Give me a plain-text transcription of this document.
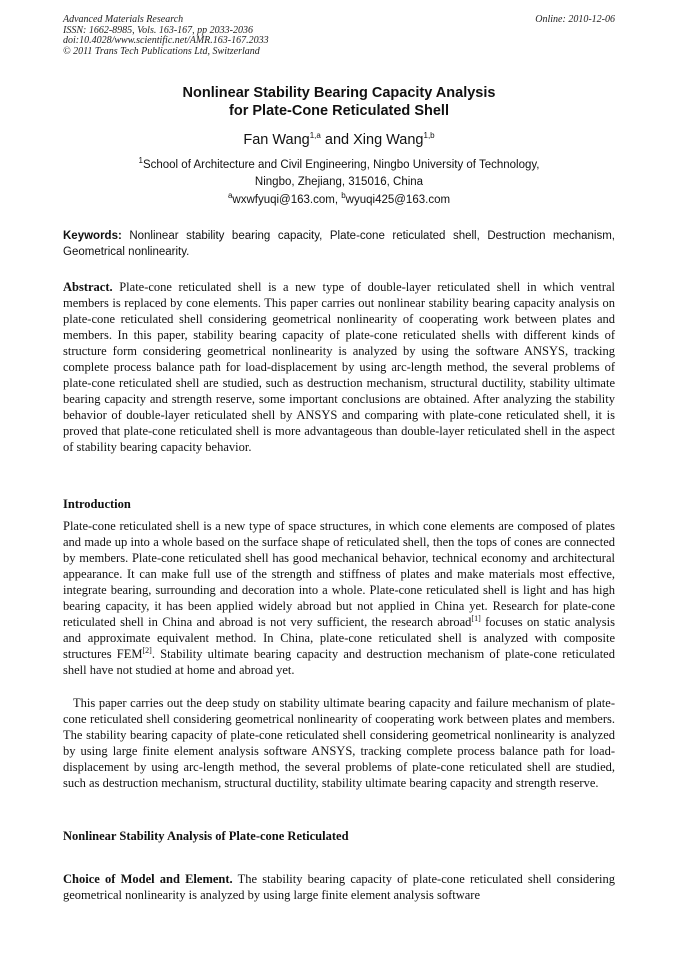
Advanced Materials Research
ISSN: 1662-8985, Vols. 163-167, pp 2033-2036
doi:10.4028/www.scientific.net/AMR.163-167.2033
© 2011 Trans Tech Publications Ltd, Switzerland
Online: 2010-12-06
Nonlinear Stability Bearing Capacity Analysis
for Plate-Cone Reticulated Shell
Fan Wang$^{1,a}$ and Xing Wang$^{1,b}$
$^1$School of Architecture and Civil Engineering, Ningbo University of Technology,
Ningbo, Zhejiang, 315016, China
$^a$wxwfyuqi@163.com, $^b$wyuqi425@163.com
Keywords: Nonlinear stability bearing capacity, Plate-cone reticulated shell, Destruction mechanism, Geometrical nonlinearity.
Abstract. Plate-cone reticulated shell is a new type of double-layer reticulated shell in which ventral members is replaced by cone elements. This paper carries out nonlinear stability bearing capacity analysis on plate-cone reticulated shell considering geometrical nonlinearity of cooperating work between plates and members. In this paper, stability bearing capacity of plate-cone reticulated shells with different kinds of structure form considering geometrical nonlinearity is analyzed by using the software ANSYS, tracking complete process balance path for load-displacement by using arc-length method, the several problems of plate-cone reticulated shell are studied, such as destruction mechanism, structural ductility, stability ultimate bearing capacity and strength reserve, some important conclusions are obtained. After analyzing the stability behavior of double-layer reticulated shell by ANSYS and comparing with plate-cone reticulated shell, it is proved that plate-cone reticulated shell is more advantageous than double-layer reticulated shell in the aspect of stability bearing capacity behavior.
Introduction
Plate-cone reticulated shell is a new type of space structures, in which cone elements are composed of plates and made up into a whole based on the surface shape of reticulated shell, then the tops of cones are connected by members. Plate-cone reticulated shell has good mechanical behavior, technical economy and architectural appearance. It can make full use of the strength and stiffness of plates and make materials most effective, integrate bearing, surrounding and decoration into a whole. Plate-cone reticulated shell is light and has high bearing capacity, it has been applied widely abroad but not applied in China yet. Research for plate-cone reticulated shell in China and abroad is not very sufficient, the research abroad[1] focuses on static analysis and approximate equivalent method. In China, plate-cone reticulated shell is analyzed with composite structures FEM[2]. Stability ultimate bearing capacity and destruction mechanism of plate-cone reticulated shell have not studied at home and abroad yet.
This paper carries out the deep study on stability ultimate bearing capacity and failure mechanism of plate-cone reticulated shell considering geometrical nonlinearity of cooperating work between plates and members. The stability bearing capacity of plate-cone reticulated shell considering geometrical nonlinearity is analyzed by using large finite element analysis software ANSYS, tracking complete process balance path for load-displacement by using arc-length method, the several problems of plate-cone reticulated shell are studied, such as destruction mechanism, structural ductility, stability ultimate bearing capacity and strength reserve.
Nonlinear Stability Analysis of Plate-cone Reticulated
Choice of Model and Element. The stability bearing capacity of plate-cone reticulated shell considering geometrical nonlinearity is analyzed by using large finite element analysis software
